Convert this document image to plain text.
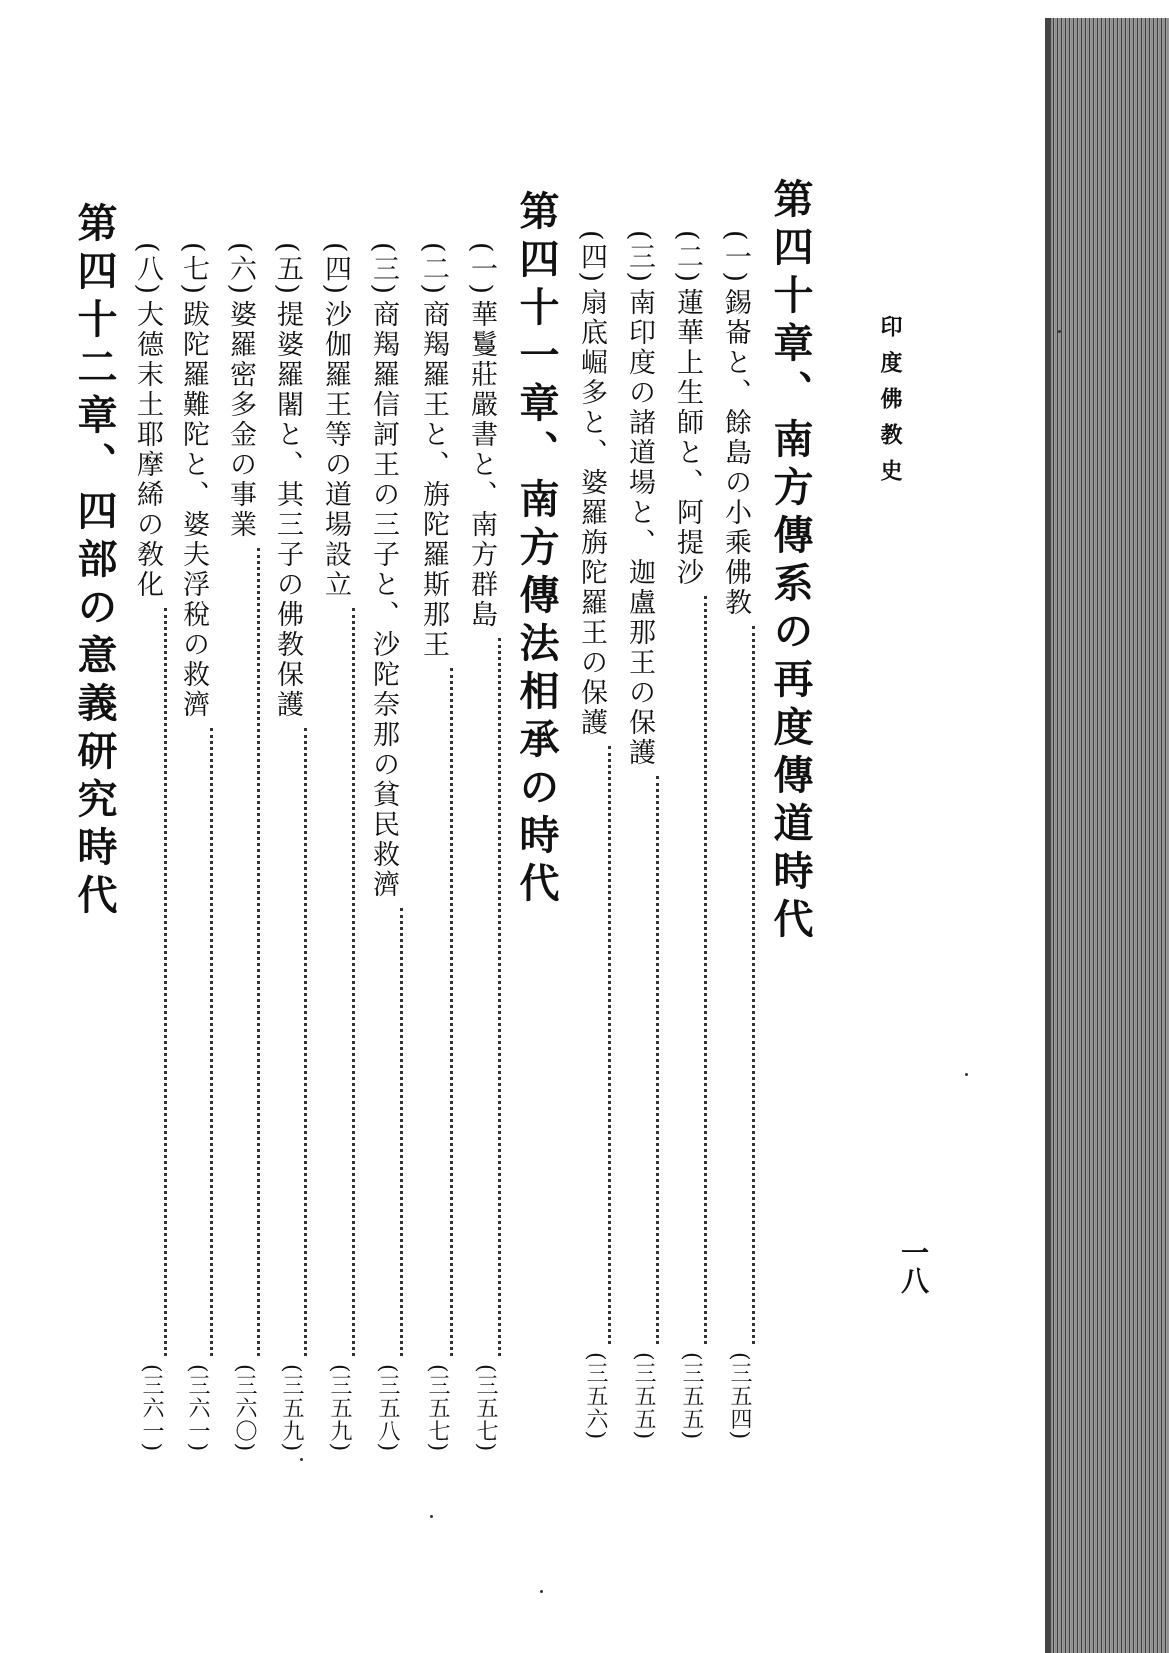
印度佛教史
一八
第四十章、南方傳系の再度傳道時代
(一)
錫崙と、餘島の小乘佛教
(三五四)
(二)
蓮華上生師と、阿提沙
(三五五)
(三)
南印度の諸道場と、迦盧那王の保護
(三五五)
(四)
扇底崛多と、婆羅旃陀羅王の保護
(三五六)
第四十一章、南方傳法相承の時代
(一)
華鬘莊嚴書と、南方群島
(三五七)
(二)
商羯羅王と、旃陀羅斯那王
(三五七)
(三)
商羯羅信訶王の三子と、沙陀奈那の貧民救濟
(三五八)
(四)
沙伽羅王等の道場設立
(三五九)
(五)
提婆羅闍と、其三子の佛教保護
(三五九)
(六)
婆羅密多金の事業
(三六〇)
(七)
跋陀羅難陀と、婆夫浮稅の救濟
(三六一)
(八)
大德末土耶摩絺の敎化
(三六一)
第四十二章、四部の意義研究時代
